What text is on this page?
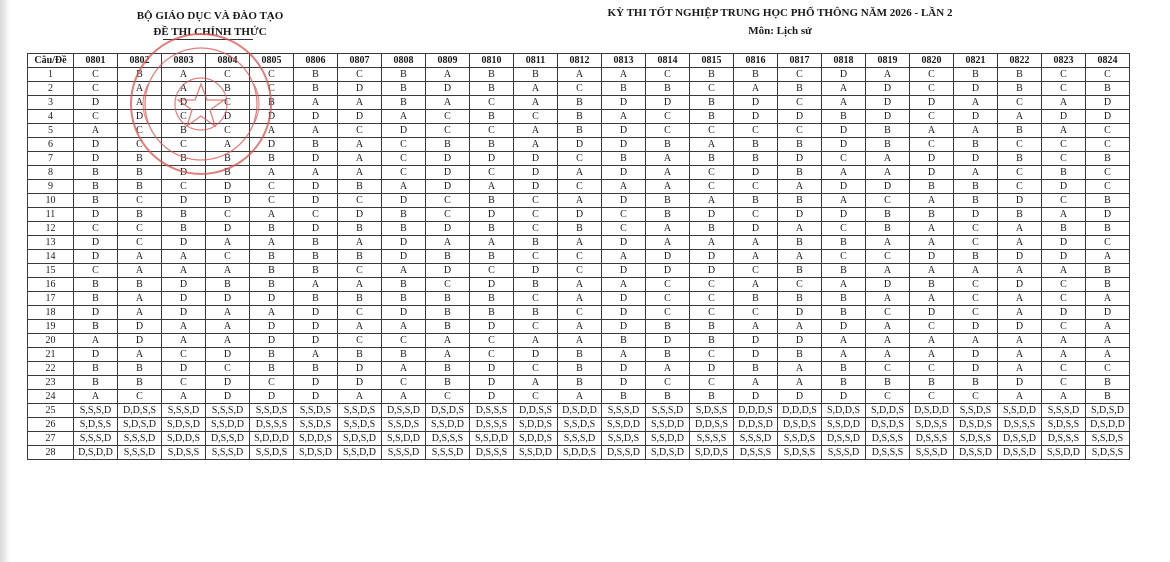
BỘ GIÁO DỤC VÀ ĐÀO TẠO
ĐỀ THI CHÍNH THỨC
KỲ THI TỐT NGHIỆP TRUNG HỌC PHỔ THÔNG NĂM 2026 - LẦN 2
Môn: Lịch sử
Câu/Đề	0801	0802	0803	0804	0805	0806	0807	0808	0809	0810	0811	0812	0813	0814	0815	0816	0817	0818	0819	0820	0821	0822	0823	0824
1	C	B	A	C	C	B	C	B	A	B	B	A	A	C	B	B	C	D	A	C	B	B	C	C
2	C	A	A	B	C	B	D	B	D	B	A	C	B	B	C	A	B	A	D	C	D	B	C	B
3	D	A	D	C	B	A	A	B	A	C	A	B	D	D	B	D	C	A	D	D	A	C	A	D
4	C	D	C	D	D	D	D	A	C	B	C	B	A	C	B	D	D	B	D	C	D	A	D	D
5	A	C	B	C	A	A	C	D	C	C	A	B	D	C	C	C	C	D	B	A	A	B	A	C
6	D	C	C	A	D	B	A	C	B	B	A	D	D	B	A	B	B	D	B	C	B	C	C	C
7	D	B	B	B	B	D	A	C	D	D	D	C	B	A	B	B	D	C	A	D	D	B	C	B
8	B	B	D	B	A	A	A	C	D	C	D	A	D	A	C	D	B	A	A	D	A	C	B	C
9	B	B	C	D	C	D	B	A	D	A	D	C	A	A	C	C	A	D	D	B	B	C	D	C
10	B	C	D	D	C	D	C	D	C	B	C	A	D	B	A	B	B	A	C	A	B	D	C	B
11	D	B	B	C	A	C	D	B	C	D	C	D	C	B	D	C	D	D	B	B	D	B	A	D
12	C	C	B	D	B	D	B	B	D	B	C	B	C	A	B	D	A	C	B	A	C	A	B	B
13	D	C	D	A	A	B	A	D	A	A	B	A	D	A	A	A	B	B	A	A	C	A	D	C
14	D	A	A	C	B	B	B	D	B	B	C	C	A	D	D	A	A	C	C	D	B	D	D	A
15	C	A	A	A	B	B	C	A	D	C	D	C	D	D	D	C	B	B	A	A	A	A	A	B
16	B	B	D	B	B	A	A	B	C	D	B	A	A	C	C	A	C	A	D	B	C	D	C	B
17	B	A	D	D	D	B	B	B	B	B	C	A	D	C	C	B	B	B	A	A	C	A	C	A
18	D	A	D	A	A	D	C	D	B	B	B	C	D	C	C	C	D	B	C	D	C	A	D	D
19	B	D	A	A	D	D	A	A	B	D	C	A	D	B	B	A	A	D	A	C	D	D	C	A
20	A	D	A	A	D	D	C	C	A	C	A	A	B	D	B	D	D	A	A	A	A	A	A	A
21	D	A	C	D	B	A	B	B	A	C	D	B	A	B	C	D	B	A	A	A	D	A	A	A
22	B	B	D	C	B	B	D	A	B	D	C	B	D	A	D	B	A	B	C	C	D	A	C	C
23	B	B	C	D	C	D	D	C	B	D	A	B	D	C	C	A	A	B	B	B	B	D	C	B
24	A	C	A	D	D	D	A	A	C	D	C	A	B	B	B	D	D	D	C	C	C	A	A	B
25	S,S,S,D	D,D,S,S	S,S,S,D	S,S,S,D	S,S,D,S	S,S,D,S	S,S,D,S	D,S,S,D	D,S,D,S	D,S,S,S	D,D,S,S	D,S,D,D	S,S,S,D	S,S,S,D	S,D,S,S	D,D,D,S	D,D,D,S	S,D,D,S	S,D,D,S	D,S,D,D	S,S,D,S	S,S,D,D	S,S,S,D	S,D,S,D
26	S,D,S,S	S,D,S,D	S,D,S,D	S,S,D,D	D,S,S,S	S,S,D,S	S,S,D,S	S,S,D,S	S,S,D,D	D,S,S,S	S,D,D,S	S,S,D,S	S,S,D,D	S,S,D,D	D,D,S,S	D,D,S,D	D,S,D,S	S,S,D,D	D,S,D,S	S,D,S,S	D,S,D,S	D,S,S,S	S,D,S,S	D,S,D,D
27	S,S,S,D	S,S,S,D	S,D,D,S	D,S,S,D	S,D,D,D	S,D,D,S	S,D,S,D	S,S,D,D	D,S,S,S	S,S,D,D	S,D,D,S	S,S,S,D	S,S,D,S	S,S,D,D	S,S,S,S	S,S,S,D	S,S,D,S	D,S,S,D	D,S,S,S	D,S,S,S	S,D,S,S	D,S,S,D	D,S,S,S	S,S,D,S
28	D,S,D,D	S,S,S,D	S,D,S,S	S,S,S,D	S,S,D,S	S,D,S,D	S,S,D,D	S,S,S,D	S,S,S,D	D,S,S,S	S,S,D,D	S,D,D,S	D,S,S,D	S,D,S,D	S,D,D,S	D,S,S,S	S,D,S,S	S,S,S,D	D,S,S,S	S,S,S,D	D,S,S,D	D,S,S,D	S,S,D,D	S,D,S,S
